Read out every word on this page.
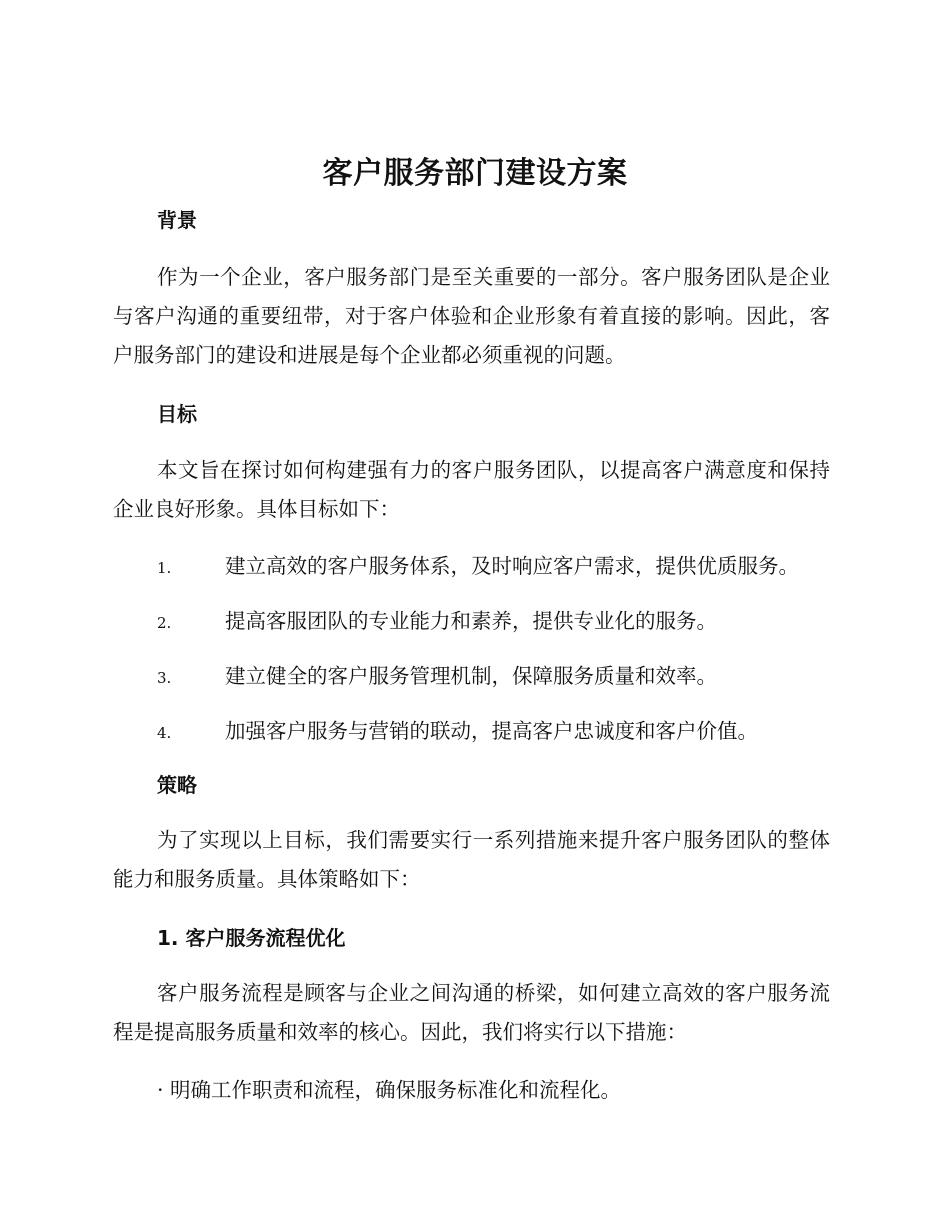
客户服务部门建设方案
背景

作为一个企业，客户服务部门是至关重要的一部分。客户服务团队是企业与客户沟通的重要纽带，对于客户体验和企业形象有着直接的影响。因此，客户服务部门的建设和进展是每个企业都必须重视的问题。

目标

本文旨在探讨如何构建强有力的客户服务团队，以提高客户满意度和保持企业良好形象。具体目标如下：

1.	建立高效的客户服务体系，及时响应客户需求，提供优质服务。
2.	提高客服团队的专业能力和素养，提供专业化的服务。
3.	建立健全的客户服务管理机制，保障服务质量和效率。
4.	加强客户服务与营销的联动，提高客户忠诚度和客户价值。
策略

为了实现以上目标，我们需要实行一系列措施来提升客户服务团队的整体能力和服务质量。具体策略如下：

1. 客户服务流程优化

客户服务流程是顾客与企业之间沟通的桥梁，如何建立高效的客户服务流程是提高服务质量和效率的核心。因此，我们将实行以下措施：

· 明确工作职责和流程，确保服务标准化和流程化。
